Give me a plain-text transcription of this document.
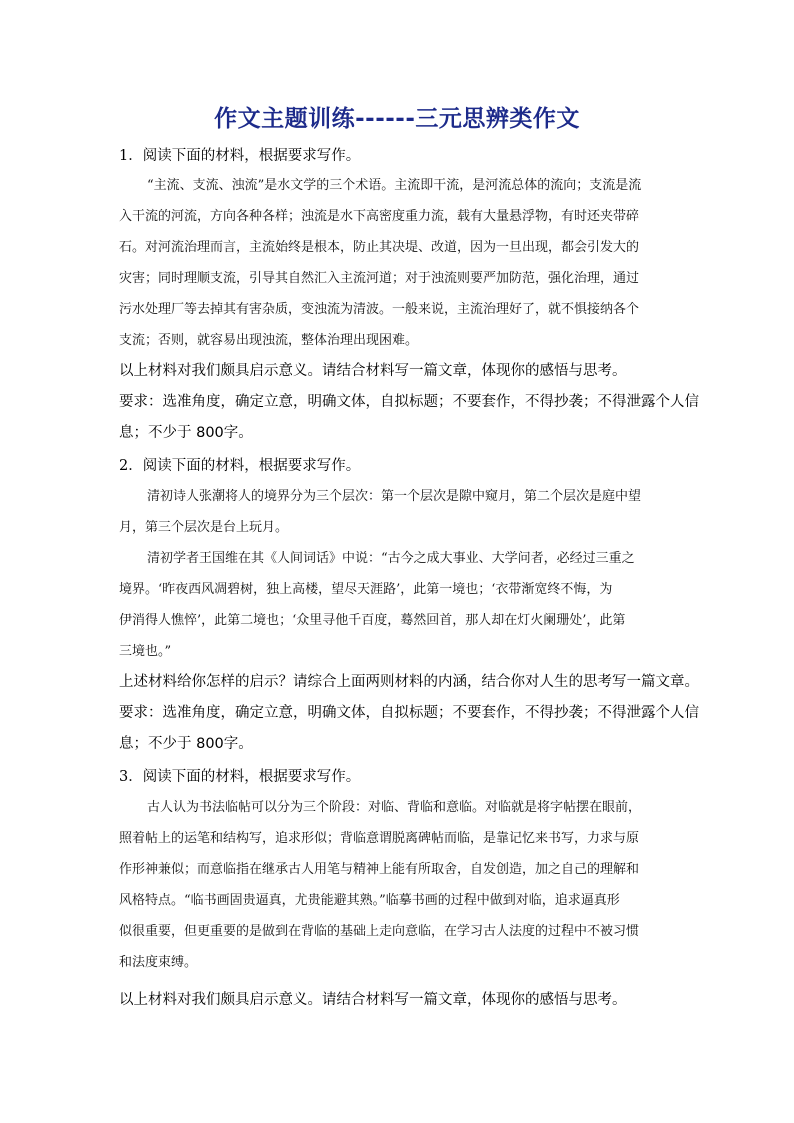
作文主题训练------三元思辨类作文
1．阅读下面的材料，根据要求写作。
“主流、支流、浊流”是水文学的三个术语。主流即干流，是河流总体的流向；支流是流
入干流的河流，方向各种各样；浊流是水下高密度重力流，载有大量悬浮物，有时还夹带碎
石。对河流治理而言，主流始终是根本，防止其决堤、改道，因为一旦出现，都会引发大的
灾害；同时理顺支流，引导其自然汇入主流河道；对于浊流则要严加防范，强化治理，通过
污水处理厂等去掉其有害杂质，变浊流为清波。一般来说，主流治理好了，就不惧接纳各个
支流；否则，就容易出现浊流，整体治理出现困难。
以上材料对我们颇具启示意义。请结合材料写一篇文章，体现你的感悟与思考。
要求：选准角度，确定立意，明确文体，自拟标题；不要套作，不得抄袭；不得泄露个人信
息；不少于 800字。
2．阅读下面的材料，根据要求写作。
清初诗人张潮将人的境界分为三个层次：第一个层次是隙中窥月，第二个层次是庭中望
月，第三个层次是台上玩月。
清初学者王国维在其《人间词话》中说：“古今之成大事业、大学问者，必经过三重之
境界。‘昨夜西风凋碧树，独上高楼，望尽天涯路’，此第一境也；‘衣带渐宽终不悔，为
伊消得人憔悴’，此第二境也；‘众里寻他千百度，蓦然回首，那人却在灯火阑珊处’，此第
三境也。”
上述材料给你怎样的启示？请综合上面两则材料的内涵，结合你对人生的思考写一篇文章。
要求：选准角度，确定立意，明确文体，自拟标题；不要套作，不得抄袭；不得泄露个人信
息；不少于 800字。
3．阅读下面的材料，根据要求写作。
古人认为书法临帖可以分为三个阶段：对临、背临和意临。对临就是将字帖摆在眼前，
照着帖上的运笔和结构写，追求形似；背临意谓脱离碑帖而临，是靠记忆来书写，力求与原
作形神兼似；而意临指在继承古人用笔与精神上能有所取舍，自发创造，加之自己的理解和
风格特点。“临书画固贵逼真，尤贵能避其熟。”临摹书画的过程中做到对临，追求逼真形
似很重要，但更重要的是做到在背临的基础上走向意临，在学习古人法度的过程中不被习惯
和法度束缚。
以上材料对我们颇具启示意义。请结合材料写一篇文章，体现你的感悟与思考。
